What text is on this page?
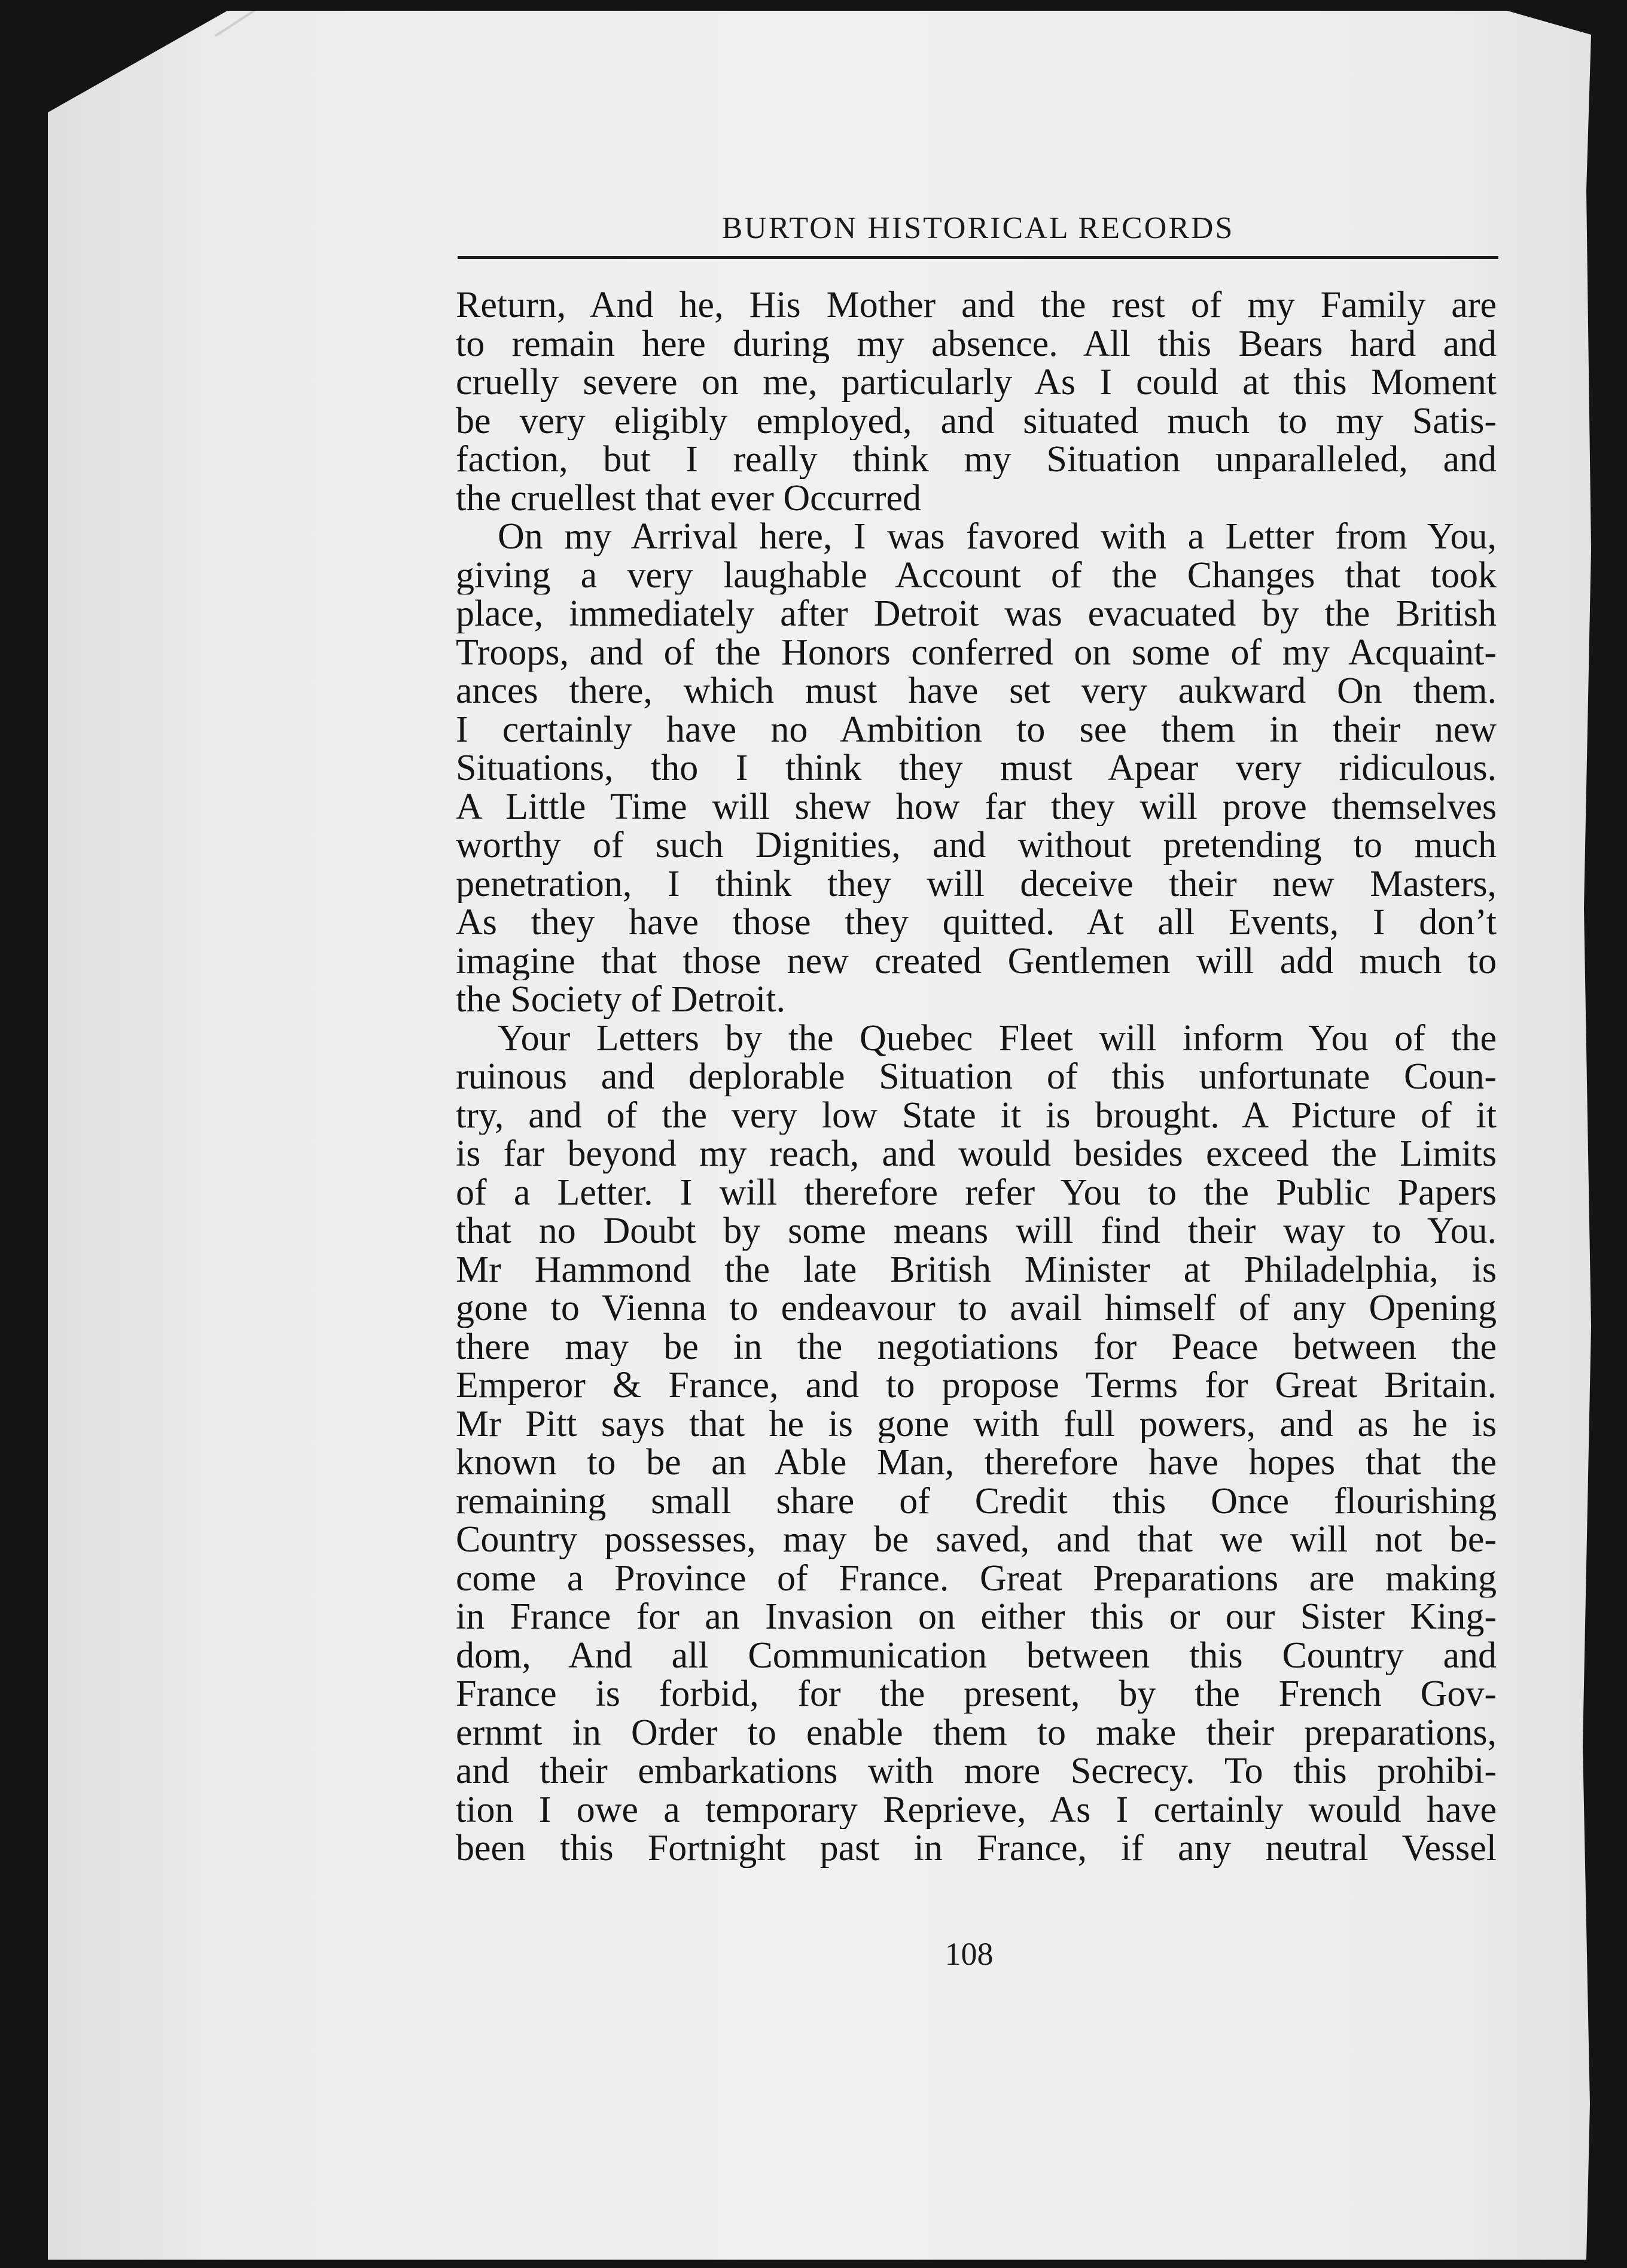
BURTON HISTORICAL RECORDS
Return, And he, His Mother and the rest of my Family are
to remain here during my absence. All this Bears hard and
cruelly severe on me, particularly As I could at this Moment
be very eligibly employed, and situated much to my Satis-
faction, but I really think my Situation unparalleled, and
the cruellest that ever Occurred
On my Arrival here, I was favored with a Letter from You,
giving a very laughable Account of the Changes that took
place, immediately after Detroit was evacuated by the British
Troops, and of the Honors conferred on some of my Acquaint-
ances there, which must have set very aukward On them.
I certainly have no Ambition to see them in their new
Situations, tho I think they must Apear very ridiculous.
A Little Time will shew how far they will prove themselves
worthy of such Dignities, and without pretending to much
penetration, I think they will deceive their new Masters,
As they have those they quitted. At all Events, I don’t
imagine that those new created Gentlemen will add much to
the Society of Detroit.
Your Letters by the Quebec Fleet will inform You of the
ruinous and deplorable Situation of this unfortunate Coun-
try, and of the very low State it is brought. A Picture of it
is far beyond my reach, and would besides exceed the Limits
of a Letter. I will therefore refer You to the Public Papers
that no Doubt by some means will find their way to You.
Mr Hammond the late British Minister at Philadelphia, is
gone to Vienna to endeavour to avail himself of any Opening
there may be in the negotiations for Peace between the
Emperor & France, and to propose Terms for Great Britain.
Mr Pitt says that he is gone with full powers, and as he is
known to be an Able Man, therefore have hopes that the
remaining small share of Credit this Once flourishing
Country possesses, may be saved, and that we will not be-
come a Province of France. Great Preparations are making
in France for an Invasion on either this or our Sister King-
dom, And all Communication between this Country and
France is forbid, for the present, by the French Gov-
ernmt in Order to enable them to make their preparations,
and their embarkations with more Secrecy. To this prohibi-
tion I owe a temporary Reprieve, As I certainly would have
been this Fortnight past in France, if any neutral Vessel
108
